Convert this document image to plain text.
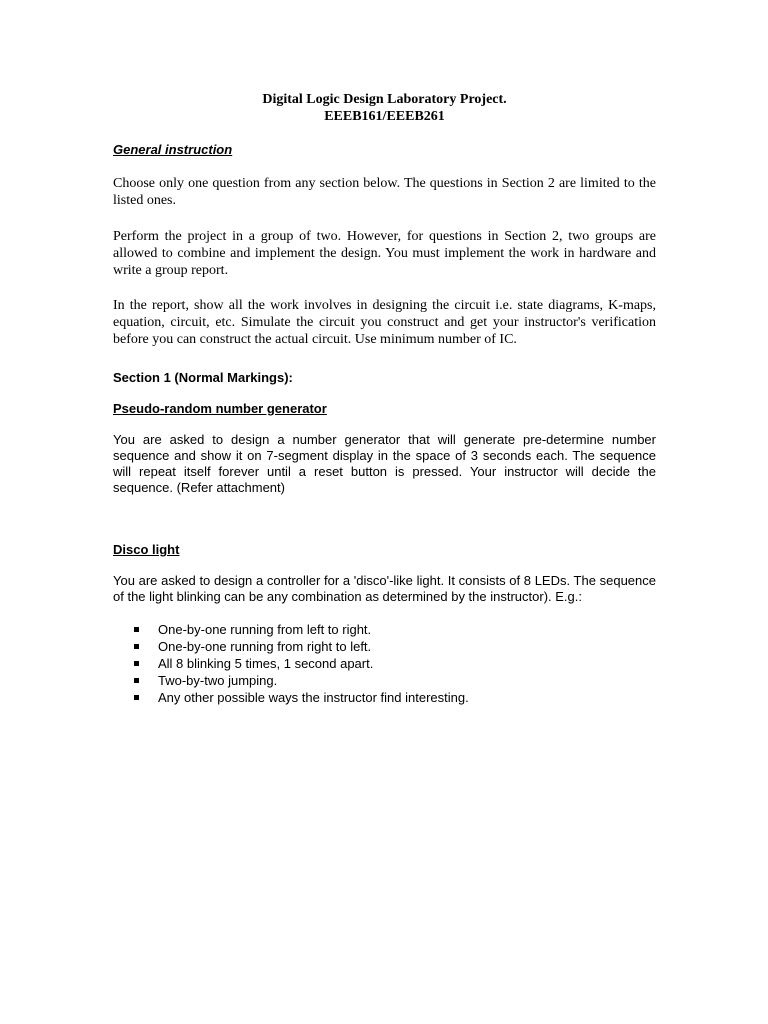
Digital Logic Design Laboratory Project.
EEEB161/EEEB261
General instruction

Choose only one question from any section below. The questions in Section 2 are limited to the listed ones.

Perform the project in a group of two. However, for questions in Section 2, two groups are allowed to combine and implement the design. You must implement the work in hardware and write a group report.

In the report, show all the work involves in designing the circuit i.e. state diagrams, K-maps, equation, circuit, etc. Simulate the circuit you construct and get your instructor's verification before you can construct the actual circuit. Use minimum number of IC.

Section 1 (Normal Markings):
Pseudo-random number generator

You are asked to design a number generator that will generate pre-determine number sequence and show it on 7-segment display in the space of 3 seconds each. The sequence will repeat itself forever until a reset button is pressed. Your instructor will decide the sequence. (Refer attachment)

Disco light

You are asked to design a controller for a 'disco'-like light. It consists of 8 LEDs. The sequence of the light blinking can be any combination as determined by the instructor). E.g.:

One-by-one running from left to right.
One-by-one running from right to left.
All 8 blinking 5 times, 1 second apart.
Two-by-two jumping.
Any other possible ways the instructor find interesting.
